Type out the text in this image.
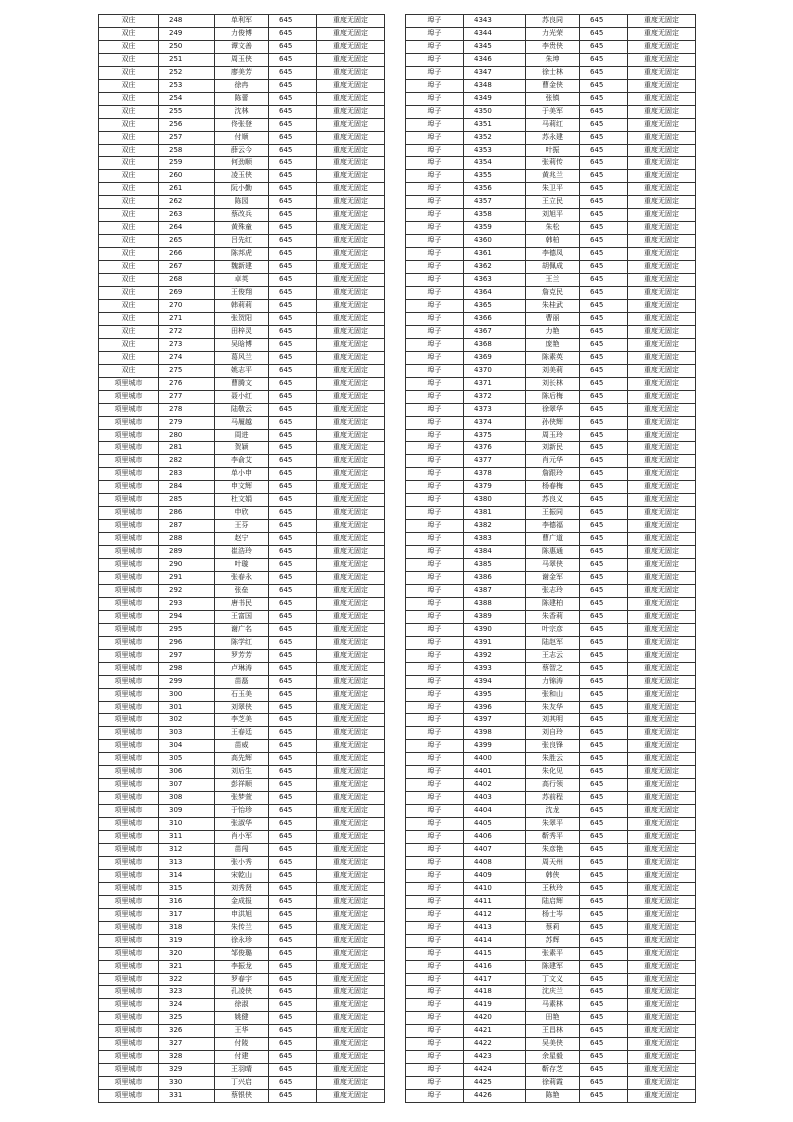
双庄	248	单利军	645	重度无固定
双庄	249	力俊博	645	重度无固定
双庄	250	谭文善	645	重度无固定
双庄	251	周玉侠	645	重度无固定
双庄	252	廖美芳	645	重度无固定
双庄	253	徐冉	645	重度无固定
双庄	254	陈蕾	645	重度无固定
双庄	255	沈林	645	重度无固定
双庄	256	佟张登	645	重度无固定
双庄	257	付顺	645	重度无固定
双庄	258	薛云今	645	重度无固定
双庄	259	何劲顺	645	重度无固定
双庄	260	凌玉侠	645	重度无固定
双庄	261	阮小勤	645	重度无固定
双庄	262	陈园	645	重度无固定
双庄	263	蔡改兵	645	重度无固定
双庄	264	黄殊童	645	重度无固定
双庄	265	吕先红	645	重度无固定
双庄	266	陈邦虎	645	重度无固定
双庄	267	魏新建	645	重度无固定
双庄	268	卓英	645	重度无固定
双庄	269	王俊翔	645	重度无固定
双庄	270	韩莉莉	645	重度无固定
双庄	271	张贺阳	645	重度无固定
双庄	272	田梓灵	645	重度无固定
双庄	273	吴晗博	645	重度无固定
双庄	274	葛风兰	645	重度无固定
双庄	275	姚志平	645	重度无固定
项里城市	276	曹腾文	645	重度无固定
项里城市	277	聂小红	645	重度无固定
项里城市	278	陆敬云	645	重度无固定
项里城市	279	马履越	645	重度无固定
项里城市	280	周进	645	重度无固定
项里城市	281	贺颖	645	重度无固定
项里城市	282	李俞艾	645	重度无固定
项里城市	283	单小申	645	重度无固定
项里城市	284	申文辉	645	重度无固定
项里城市	285	杜文娟	645	重度无固定
项里城市	286	申欣	645	重度无固定
项里城市	287	王芬	645	重度无固定
项里城市	288	赵宁	645	重度无固定
项里城市	289	崔浩玲	645	重度无固定
项里城市	290	叶璇	645	重度无固定
项里城市	291	张春永	645	重度无固定
项里城市	292	张垒	645	重度无固定
项里城市	293	唐书民	645	重度无固定
项里城市	294	王富国	645	重度无固定
项里城市	295	谢广名	645	重度无固定
项里城市	296	陈学红	645	重度无固定
项里城市	297	罗芳芳	645	重度无固定
项里城市	298	卢琳涛	645	重度无固定
项里城市	299	苗磊	645	重度无固定
项里城市	300	石玉美	645	重度无固定
项里城市	301	刘翠侠	645	重度无固定
项里城市	302	李芝美	645	重度无固定
项里城市	303	王春廷	645	重度无固定
项里城市	304	苗威	645	重度无固定
项里城市	305	高先辉	645	重度无固定
项里城市	306	刘后生	645	重度无固定
项里城市	307	彭祥顺	645	重度无固定
项里城市	308	张梦萱	645	重度无固定
项里城市	309	于怡珍	645	重度无固定
项里城市	310	张淑华	645	重度无固定
项里城市	311	肖小军	645	重度无固定
项里城市	312	苗闯	645	重度无固定
项里城市	313	张小秀	645	重度无固定
项里城市	314	宋乾山	645	重度无固定
项里城市	315	刘秀贤	645	重度无固定
项里城市	316	金成报	645	重度无固定
项里城市	317	申洪旭	645	重度无固定
项里城市	318	朱传兰	645	重度无固定
项里城市	319	徐永珍	645	重度无固定
项里城市	320	邹俊璐	645	重度无固定
项里城市	321	李振龙	645	重度无固定
项里城市	322	罗春宇	645	重度无固定
项里城市	323	孔凌侠	645	重度无固定
项里城市	324	徐淑	645	重度无固定
项里城市	325	姚健	645	重度无固定
项里城市	326	王华	645	重度无固定
项里城市	327	付陵	645	重度无固定
项里城市	328	付建	645	重度无固定
项里城市	329	王羽晴	645	重度无固定
项里城市	330	丁兴启	645	重度无固定
项里城市	331	蔡银侠	645	重度无固定
埠子	4343	苏良同	645	重度无固定
埠子	4344	力光荣	645	重度无固定
埠子	4345	李贵侠	645	重度无固定
埠子	4346	朱坤	645	重度无固定
埠子	4347	徐士林	645	重度无固定
埠子	4348	曹金侠	645	重度无固定
埠子	4349	张镇	645	重度无固定
埠子	4350	于美军	645	重度无固定
埠子	4351	马莉红	645	重度无固定
埠子	4352	苏永建	645	重度无固定
埠子	4353	叶振	645	重度无固定
埠子	4354	张莉传	645	重度无固定
埠子	4355	黄兆兰	645	重度无固定
埠子	4356	朱卫平	645	重度无固定
埠子	4357	王立民	645	重度无固定
埠子	4358	刘旭平	645	重度无固定
埠子	4359	朱松	645	重度无固定
埠子	4360	韩柏	645	重度无固定
埠子	4361	李德凤	645	重度无固定
埠子	4362	胡佩成	645	重度无固定
埠子	4363	王兰	645	重度无固定
埠子	4364	詹克民	645	重度无固定
埠子	4365	朱桂武	645	重度无固定
埠子	4366	曹丽	645	重度无固定
埠子	4367	力艳	645	重度无固定
埠子	4368	庞艳	645	重度无固定
埠子	4369	陈素英	645	重度无固定
埠子	4370	刘美莉	645	重度无固定
埠子	4371	刘长林	645	重度无固定
埠子	4372	陈后梅	645	重度无固定
埠子	4373	徐翠华	645	重度无固定
埠子	4374	孙侠辉	645	重度无固定
埠子	4375	周玉玲	645	重度无固定
埠子	4376	刘新民	645	重度无固定
埠子	4377	肖元华	645	重度无固定
埠子	4378	詹跟玲	645	重度无固定
埠子	4379	杨春梅	645	重度无固定
埠子	4380	苏良义	645	重度无固定
埠子	4381	王振同	645	重度无固定
埠子	4382	李德福	645	重度无固定
埠子	4383	曹广道	645	重度无固定
埠子	4384	陈惠通	645	重度无固定
埠子	4385	马翠侠	645	重度无固定
埠子	4386	谢金军	645	重度无固定
埠子	4387	张志玲	645	重度无固定
埠子	4388	陈建柏	645	重度无固定
埠子	4389	朱香莉	645	重度无固定
埠子	4390	叶宗彦	645	重度无固定
埠子	4391	陆赵军	645	重度无固定
埠子	4392	王志云	645	重度无固定
埠子	4393	蔡智之	645	重度无固定
埠子	4394	力锦涛	645	重度无固定
埠子	4395	张和山	645	重度无固定
埠子	4396	朱友华	645	重度无固定
埠子	4397	刘其明	645	重度无固定
埠子	4398	刘自玲	645	重度无固定
埠子	4399	张良锋	645	重度无固定
埠子	4400	朱胜云	645	重度无固定
埠子	4401	朱化见	645	重度无固定
埠子	4402	高行领	645	重度无固定
埠子	4403	苏前程	645	重度无固定
埠子	4404	沈龙	645	重度无固定
埠子	4405	朱翠平	645	重度无固定
埠子	4406	靳秀平	645	重度无固定
埠子	4407	朱彦艳	645	重度无固定
埠子	4408	周天州	645	重度无固定
埠子	4409	韩侠	645	重度无固定
埠子	4410	王秋玲	645	重度无固定
埠子	4411	陆启辉	645	重度无固定
埠子	4412	杨士岑	645	重度无固定
埠子	4413	蔡莉	645	重度无固定
埠子	4414	苏辉	645	重度无固定
埠子	4415	张素平	645	重度无固定
埠子	4416	陈建军	645	重度无固定
埠子	4417	丁文义	645	重度无固定
埠子	4418	沈庆兰	645	重度无固定
埠子	4419	马素林	645	重度无固定
埠子	4420	田艳	645	重度无固定
埠子	4421	王昌林	645	重度无固定
埠子	4422	吴美侠	645	重度无固定
埠子	4423	余星毅	645	重度无固定
埠子	4424	靳存芝	645	重度无固定
埠子	4425	徐莉霞	645	重度无固定
埠子	4426	陈艳	645	重度无固定
